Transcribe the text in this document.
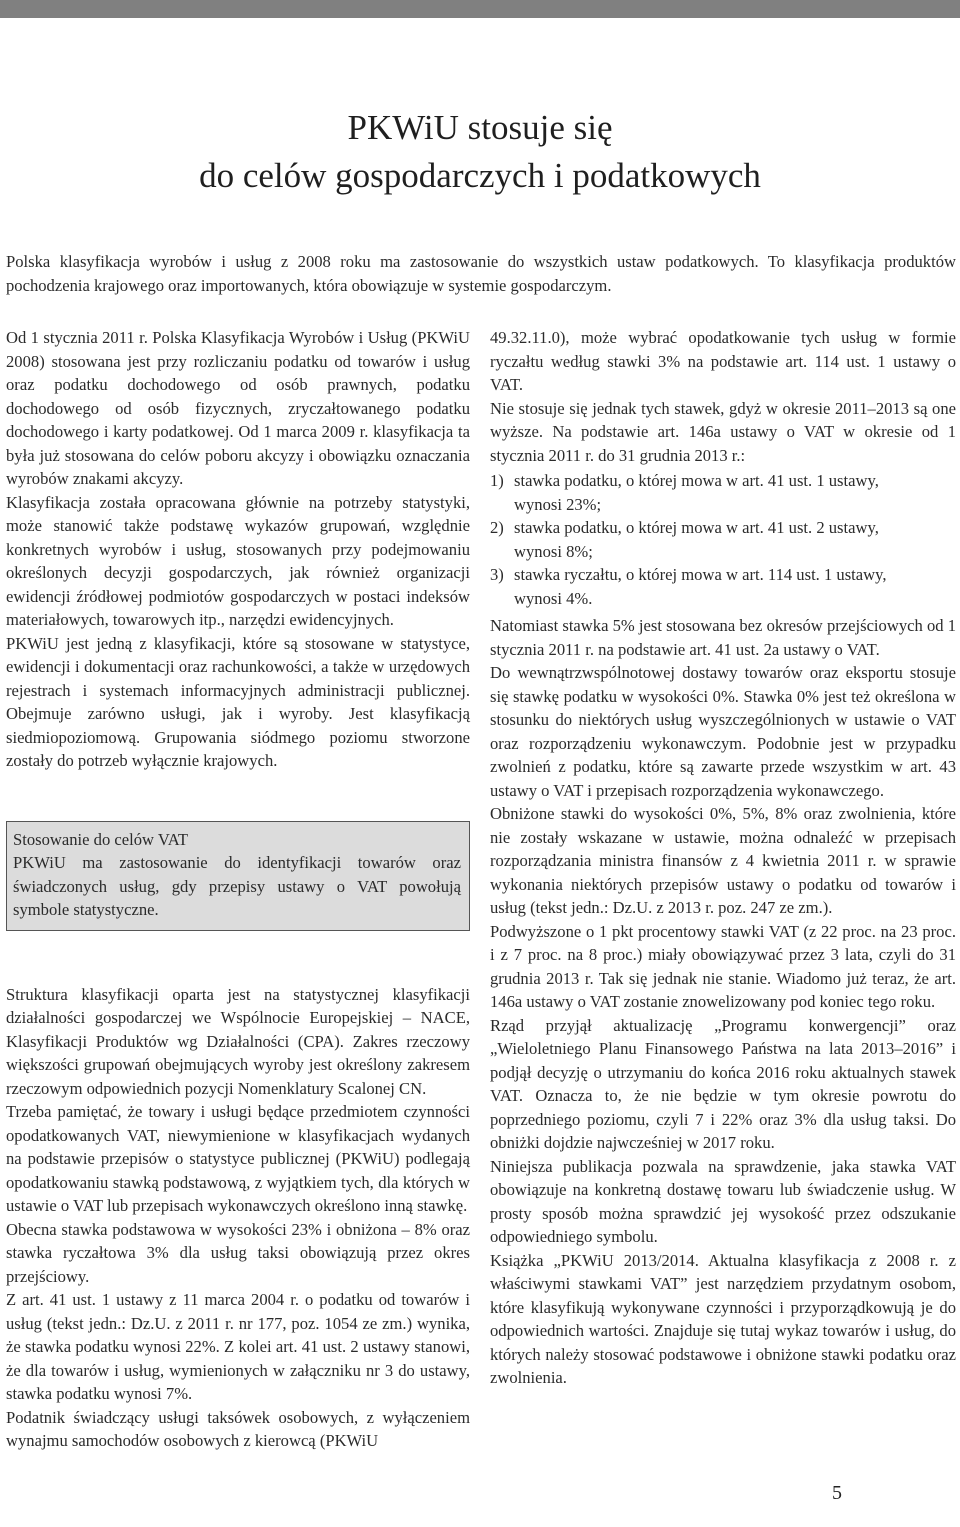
PKWiU stosuje się
do celów gospodarczych i podatkowych

Polska klasyfikacja wyrobów i usług z 2008 roku ma zastosowanie do wszystkich ustaw podatkowych. To klasyfikacja produktów pochodzenia krajowego oraz importowanych, która obowiązuje w systemie gospodarczym.

Od 1 stycznia 2011 r. Polska Klasyfikacja Wyrobów i Usług (PKWiU 2008) stosowana jest przy rozliczaniu podatku od towarów i usług oraz podatku dochodowego od osób prawnych, podatku dochodowego od osób fizycznych, zryczałtowanego podatku dochodowego i karty podatkowej. Od 1 marca 2009 r. klasyfikacja ta była już stosowana do celów poboru akcyzy i obowiązku oznaczania wyrobów znakami akcyzy.

Klasyfikacja została opracowana głównie na potrzeby statystyki, może stanowić także podstawę wykazów grupowań, względnie konkretnych wyrobów i usług, stosowanych przy podejmowaniu określonych decyzji gospodarczych, jak również organizacji ewidencji źródłowej podmiotów gospodarczych w postaci indeksów materiałowych, towarowych itp., narzędzi ewidencyjnych.

PKWiU jest jedną z klasyfikacji, które są stosowane w statystyce, ewidencji i dokumentacji oraz rachunkowości, a także w urzędowych rejestrach i systemach informacyjnych administracji publicznej. Obejmuje zarówno usługi, jak i wyroby. Jest klasyfikacją siedmiopoziomową. Grupowania siódmego poziomu stworzone zostały do potrzeb wyłącznie krajowych.

Stosowanie do celów VAT

PKWiU ma zastosowanie do identyfikacji towarów oraz świadczonych usług, gdy przepisy ustawy o VAT powołują symbole statystyczne.

Struktura klasyfikacji oparta jest na statystycznej klasyfikacji działalności gospodarczej we Wspólnocie Europejskiej – NACE, Klasyfikacji Produktów wg Działalności (CPA). Zakres rzeczowy większości grupowań obejmujących wyroby jest określony zakresem rzeczowym odpowiednich pozycji Nomenklatury Scalonej CN.

Trzeba pamiętać, że towary i usługi będące przedmiotem czynności opodatkowanych VAT, niewymienione w klasyfikacjach wydanych na podstawie przepisów o statystyce publicznej (PKWiU) podlegają opodatkowaniu stawką podstawową, z wyjątkiem tych, dla których w ustawie o VAT lub przepisach wykonawczych określono inną stawkę.

Obecna stawka podstawowa w wysokości 23% i obniżona – 8% oraz stawka ryczałtowa 3% dla usług taksi obowiązują przez okres przejściowy.

Z art. 41 ust. 1 ustawy z 11 marca 2004 r. o podatku od towarów i usług (tekst jedn.: Dz.U. z 2011 r. nr 177, poz. 1054 ze zm.) wynika, że stawka podatku wynosi 22%. Z kolei art. 41 ust. 2 ustawy stanowi, że dla towarów i usług, wymienionych w załączniku nr 3 do ustawy, stawka podatku wynosi 7%.

Podatnik świadczący usługi taksówek osobowych, z wyłączeniem wynajmu samochodów osobowych z kierowcą (PKWiU

49.32.11.0), może wybrać opodatkowanie tych usług w formie ryczałtu według stawki 3% na podstawie art. 114 ust. 1 ustawy o VAT.

Nie stosuje się jednak tych stawek, gdyż w okresie 2011–2013 są one wyższe. Na podstawie art. 146a ustawy o VAT w okresie od 1 stycznia 2011 r. do 31 grudnia 2013 r.:

1) stawka podatku, o której mowa w art. 41 ust. 1 ustawy,
wynosi 23%;
2) stawka podatku, o której mowa w art. 41 ust. 2 ustawy,
wynosi 8%;
3) stawka ryczałtu, o której mowa w art. 114 ust. 1 ustawy,
wynosi 4%.

Natomiast stawka 5% jest stosowana bez okresów przejściowych od 1 stycznia 2011 r. na podstawie art. 41 ust. 2a ustawy o VAT.

Do wewnątrzwspólnotowej dostawy towarów oraz eksportu stosuje się stawkę podatku w wysokości 0%. Stawka 0% jest też określona w stosunku do niektórych usług wyszczególnionych w ustawie o VAT oraz rozporządzeniu wykonawczym. Podobnie jest w przypadku zwolnień z podatku, które są zawarte przede wszystkim w art. 43 ustawy o VAT i przepisach rozporządzenia wykonawczego.

Obniżone stawki do wysokości 0%, 5%, 8% oraz zwolnienia, które nie zostały wskazane w ustawie, można odnaleźć w przepisach rozporządzania ministra finansów z 4 kwietnia 2011 r. w sprawie wykonania niektórych przepisów ustawy o podatku od towarów i usług (tekst jedn.: Dz.U. z 2013 r. poz. 247 ze zm.).

Podwyższone o 1 pkt procentowy stawki VAT (z 22 proc. na 23 proc. i z 7 proc. na 8 proc.) miały obowiązywać przez 3 lata, czyli do 31 grudnia 2013 r. Tak się jednak nie stanie. Wiadomo już teraz, że art. 146a ustawy o VAT zostanie znowelizowany pod koniec tego roku.

Rząd przyjął aktualizację „Programu konwergencji” oraz „Wieloletniego Planu Finansowego Państwa na lata 2013–2016” i podjął decyzję o utrzymaniu do końca 2016 roku aktualnych stawek VAT. Oznacza to, że nie będzie w tym okresie powrotu do poprzedniego poziomu, czyli 7 i 22% oraz 3% dla usług taksi. Do obniżki dojdzie najwcześniej w 2017 roku.

Niniejsza publikacja pozwala na sprawdzenie, jaka stawka VAT obowiązuje na konkretną dostawę towaru lub świadczenie usług. W prosty sposób można sprawdzić jej wysokość przez odszukanie odpowiedniego symbolu.

Książka „PKWiU 2013/2014. Aktualna klasyfikacja z 2008 r. z właściwymi stawkami VAT” jest narzędziem przydatnym osobom, które klasyfikują wykonywane czynności i przyporządkowują je do odpowiednich wartości. Znajduje się tutaj wykaz towarów i usług, do których należy stosować podstawowe i obniżone stawki podatku oraz zwolnienia.

5
